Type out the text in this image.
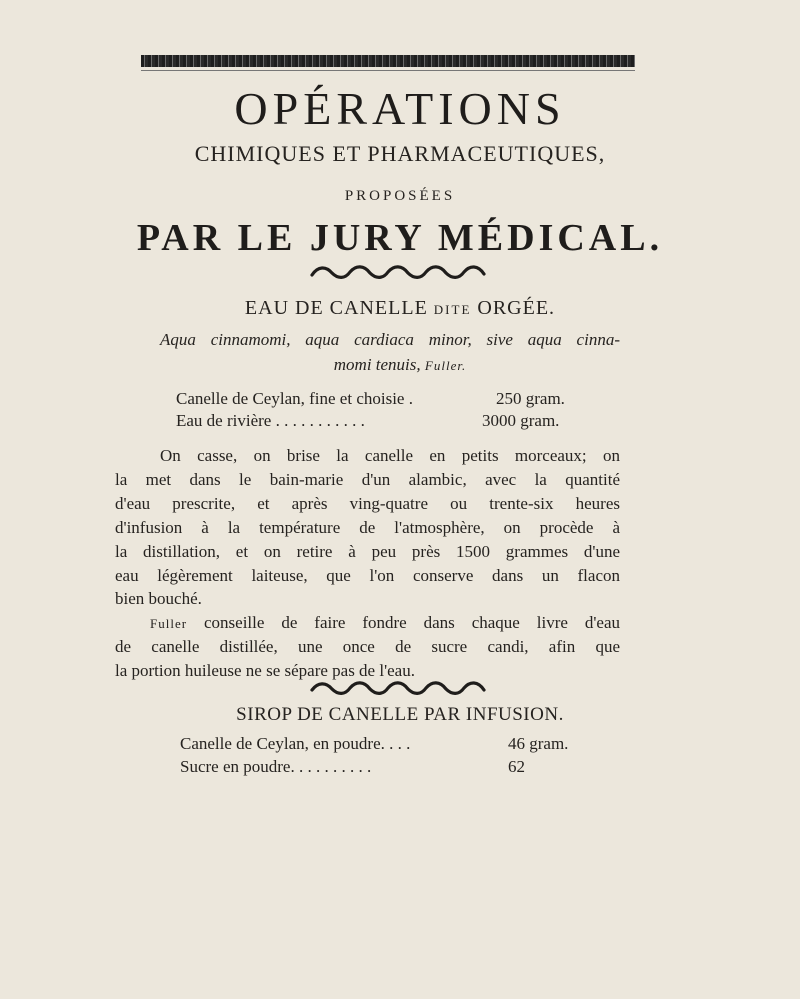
OPÉRATIONS
CHIMIQUES ET PHARMACEUTIQUES,
PROPOSÉES
PAR LE JURY MÉDICAL.
EAU DE CANELLE DITE ORGÉE.
Aqua cinnamomi, aqua cardiaca minor, sive aqua cinna-
momi tenuis, Fuller.
Canelle de Ceylan, fine et choisie .	250 gram.
Eau de rivière . . . . . . . . . . .	3000 gram.
On casse, on brise la canelle en petits morceaux; on
la met dans le bain-marie d'un alambic, avec la quantité
d'eau prescrite, et après ving-quatre ou trente-six heures
d'infusion à la température de l'atmosphère, on procède à
la distillation, et on retire à peu près 1500 grammes d'une
eau légèrement laiteuse, que l'on conserve dans un flacon
bien bouché.
Fuller conseille de faire fondre dans chaque livre d'eau
de canelle distillée, une once de sucre candi, afin que
la portion huileuse ne se sépare pas de l'eau.
SIROP DE CANELLE PAR INFUSION.
Canelle de Ceylan, en poudre. . . .	46 gram.
Sucre en poudre. . . . . . . . . .	62
